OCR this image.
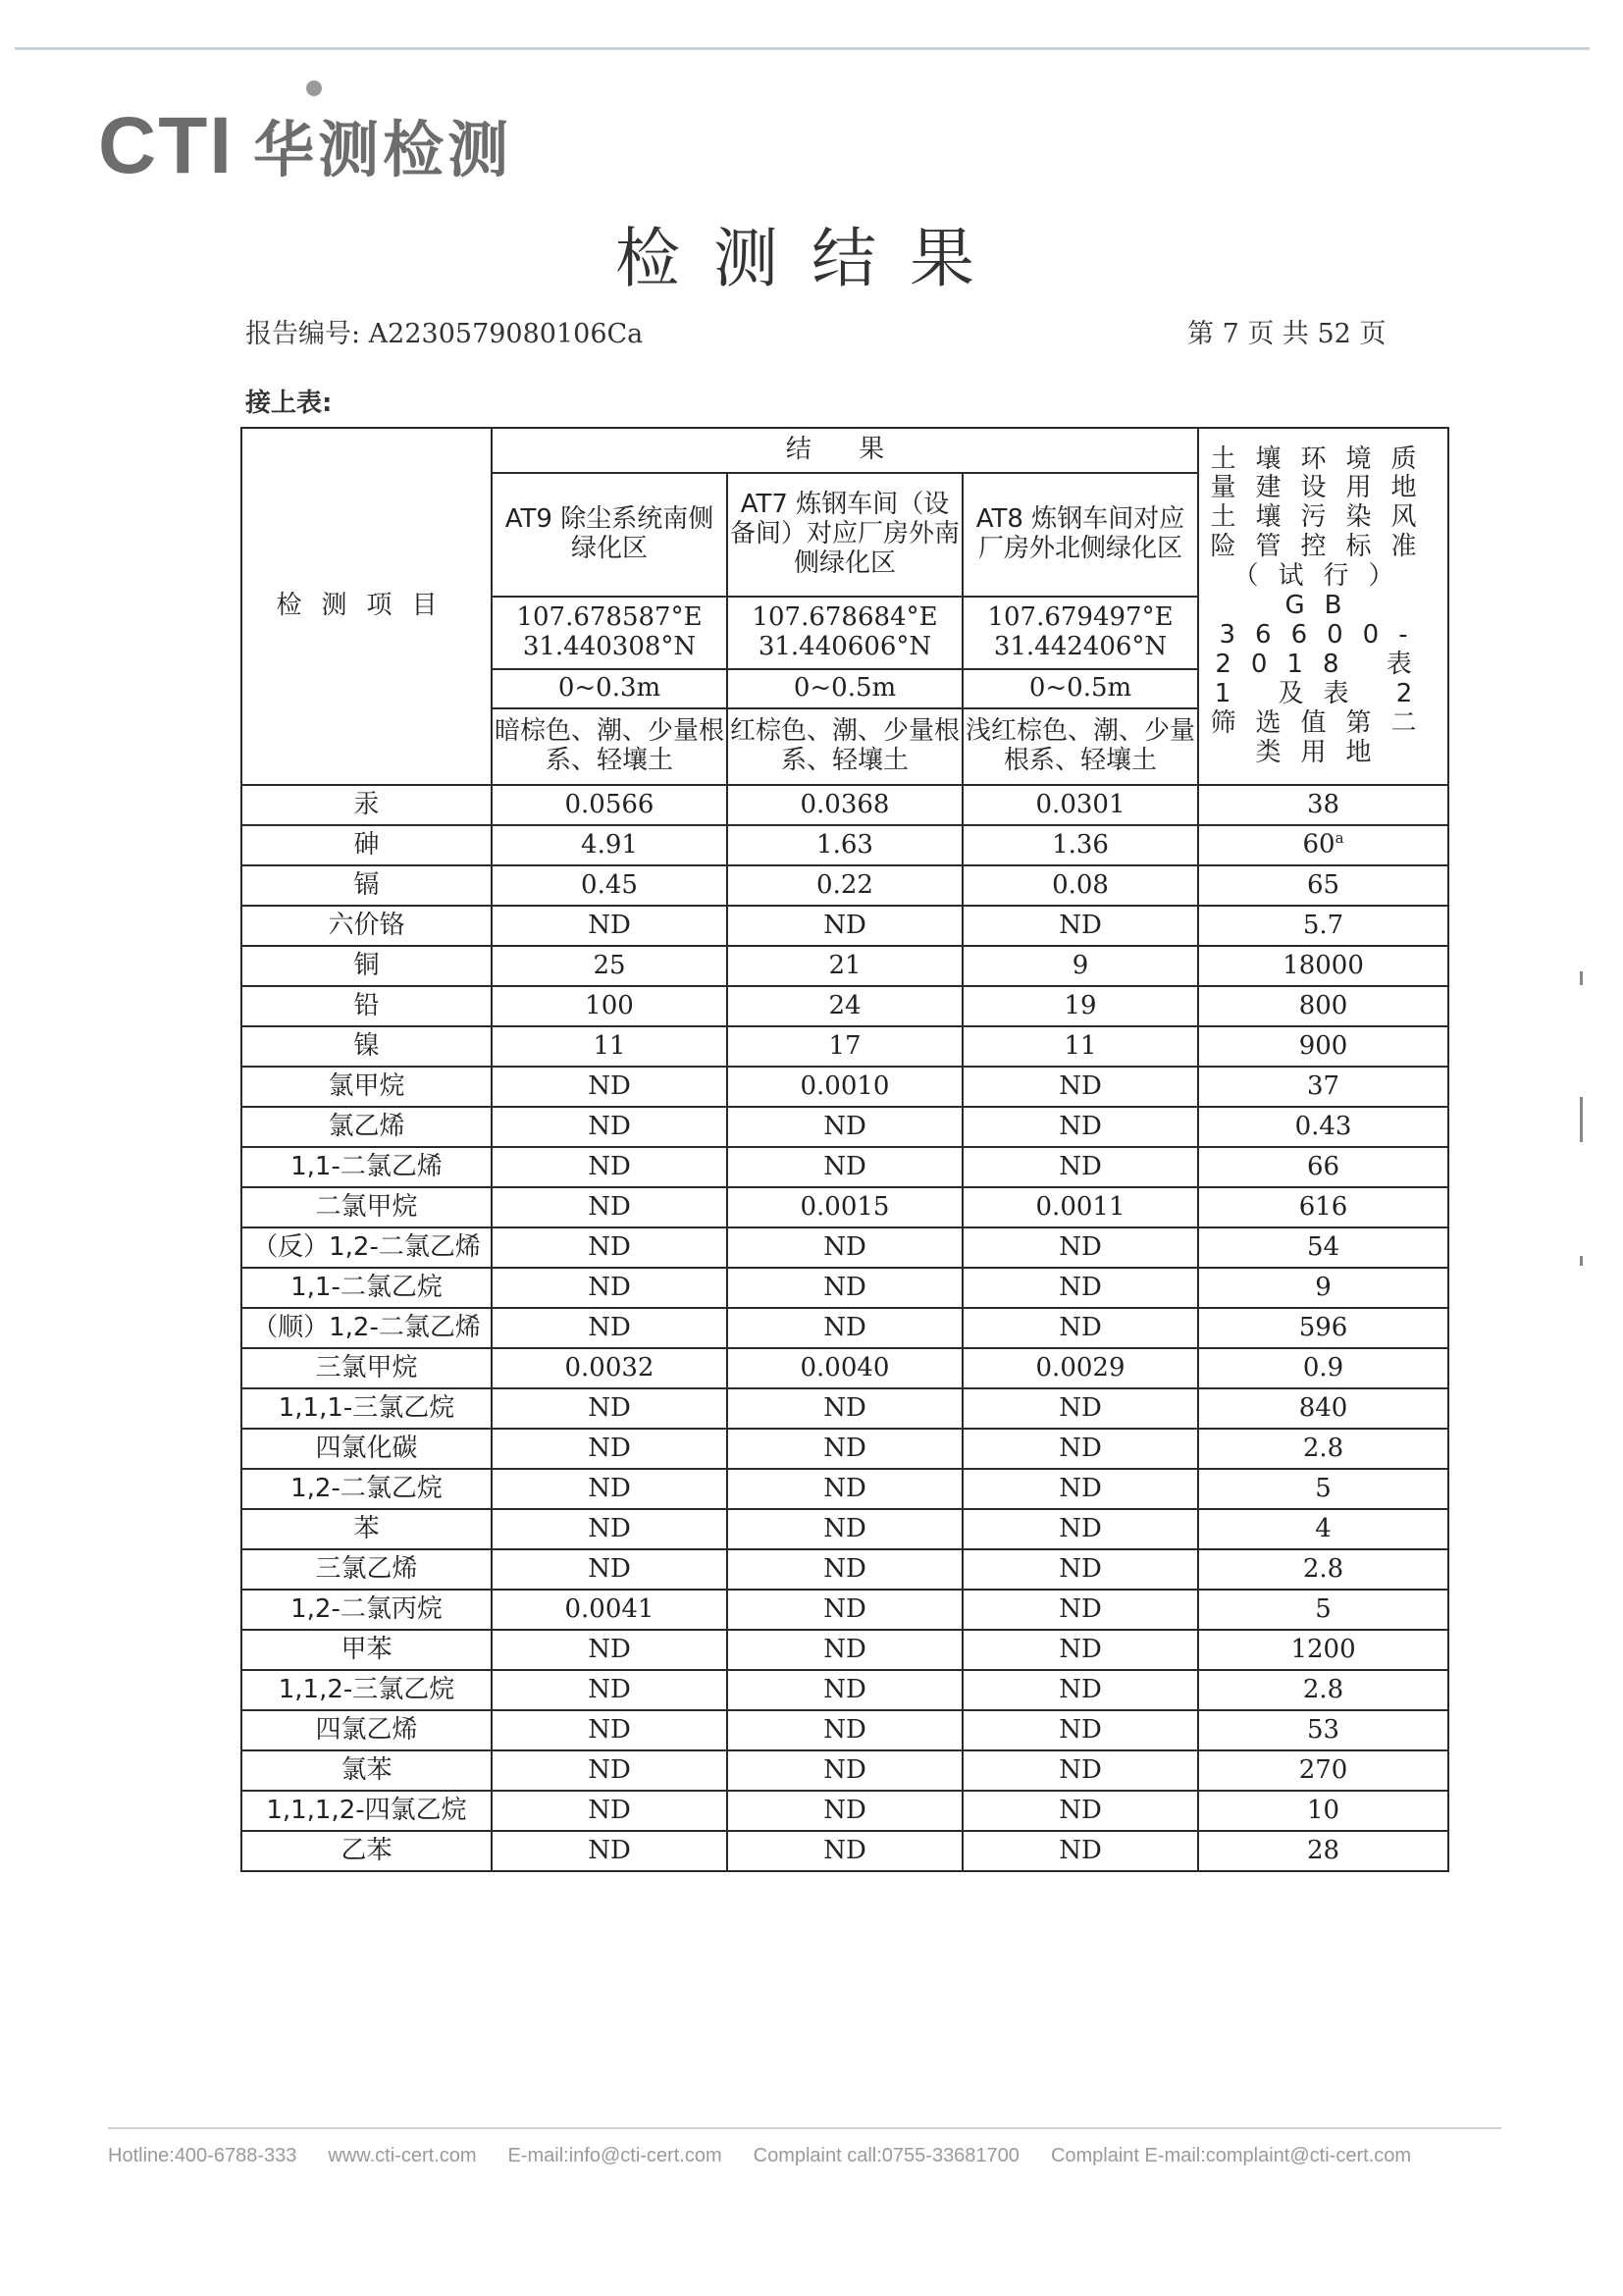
CTI 华测检测
检测结果
报告编号: A2230579080106Ca	第 7 页 共 52 页
接上表:
检测项目	结 果			土壤环境质量建设用地土壤污染风险管控标准（试行）GB 36600-2018 表 1 及表 2 筛选值第二类用地
	AT9 除尘系统南侧绿化区	AT7 炼钢车间（设备间）对应厂房外南侧绿化区	AT8 炼钢车间对应厂房外北侧绿化区	
	107.678587°E 31.440308°N	107.678684°E 31.440606°N	107.679497°E 31.442406°N	
	0~0.3m	0~0.5m	0~0.5m	
	暗棕色、潮、少量根系、轻壤土	红棕色、潮、少量根系、轻壤土	浅红棕色、潮、少量根系、轻壤土	
汞	0.0566	0.0368	0.0301	38
砷	4.91	1.63	1.36	60$^a$
镉	0.45	0.22	0.08	65
六价铬	ND	ND	ND	5.7
铜	25	21	9	18000
铅	100	24	19	800
镍	11	17	11	900
氯甲烷	ND	0.0010	ND	37
氯乙烯	ND	ND	ND	0.43
1,1-二氯乙烯	ND	ND	ND	66
二氯甲烷	ND	0.0015	0.0011	616
（反）1,2-二氯乙烯	ND	ND	ND	54
1,1-二氯乙烷	ND	ND	ND	9
（顺）1,2-二氯乙烯	ND	ND	ND	596
三氯甲烷	0.0032	0.0040	0.0029	0.9
1,1,1-三氯乙烷	ND	ND	ND	840
四氯化碳	ND	ND	ND	2.8
1,2-二氯乙烷	ND	ND	ND	5
苯	ND	ND	ND	4
三氯乙烯	ND	ND	ND	2.8
1,2-二氯丙烷	0.0041	ND	ND	5
甲苯	ND	ND	ND	1200
1,1,2-三氯乙烷	ND	ND	ND	2.8
四氯乙烯	ND	ND	ND	53
氯苯	ND	ND	ND	270
1,1,1,2-四氯乙烷	ND	ND	ND	10
乙苯	ND	ND	ND	28
Hotline:400-6788-333 www.cti-cert.com E-mail:info@cti-cert.com Complaint call:0755-33681700 Complaint E-mail:complaint@cti-cert.com
